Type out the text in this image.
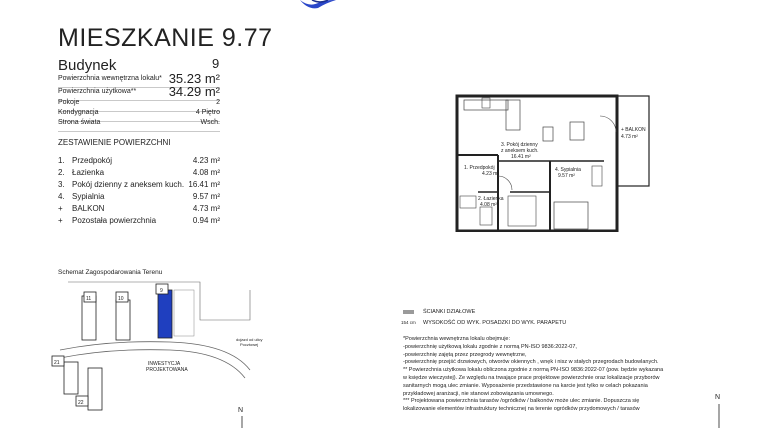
MIESZKANIE 9.77
Budynek	9
Powierzchnia wewnętrzna lokalu* 35.23 m²
Powierzchnia użytkowa** 34.29 m²
Pokoje	2
Kondygnacja	4 Piętro
Strona świata	Wsch.
ZESTAWIENIE POWIERZCHNI
1. Przedpokój	4.23 m²
2. Łazienka	4.08 m²
3. Pokój dzienny z aneksem kuch. 16.41 m²
4. Sypialnia	9.57 m²
+ BALKON	4.73 m²
+ Pozostała powierzchnia	0.94 m²
+ BALKON
4.73 m²
3. Pokój dzienny
z aneksem kuch.
16.41 m²
1. Przedpokój
4.23 m²
4. Sypialnia
9.57 m²
2. Łazienka
4.08 m²
Schemat Zagospodarowania Terenu
11	10
9
21
22
INWESTYCJA
PROJEKTOWANA
dojazd od ulicy
Pocztowej
N
N
ŚCIANKI DZIAŁOWE
154 cm WYSOKOŚĆ OD WYK. POSADZKI DO WYK. PARAPETU
*Powierzchnia wewnętrzna lokalu obejmuje:
-powierzchnię użytkową lokalu zgodnie z normą PN-ISO 9836:2022-07,
-powierzchnię zajętą przez przegrody wewnętrzne,
-powierzchnię przejść drzwiowych, otworów okiennych , wnęk i nisz w stałych przegrodach budowlanych.
** Powierzchnia użytkowa lokalu obliczona zgodnie z normą PN-ISO 9836:2022-07 (pow. będzie wykazana
w księdze wieczystej). Ze względu na trwające prace projektowe powierzchnie oraz lokalizacje przyborów
sanitarnych mogą ulec zmianie. Wyposażenie przedstawione na karcie jest tylko w celach pokazania
przykładowej aranżacji, nie stanowi zobowiązania umownego.
*** Projektowana powierzchnia tarasów /ogródków / balkonów może ulec zmianie. Dopuszcza się
lokalizowanie elementów infrastruktury technicznej na terenie ogródków przydomowych / tarasów
